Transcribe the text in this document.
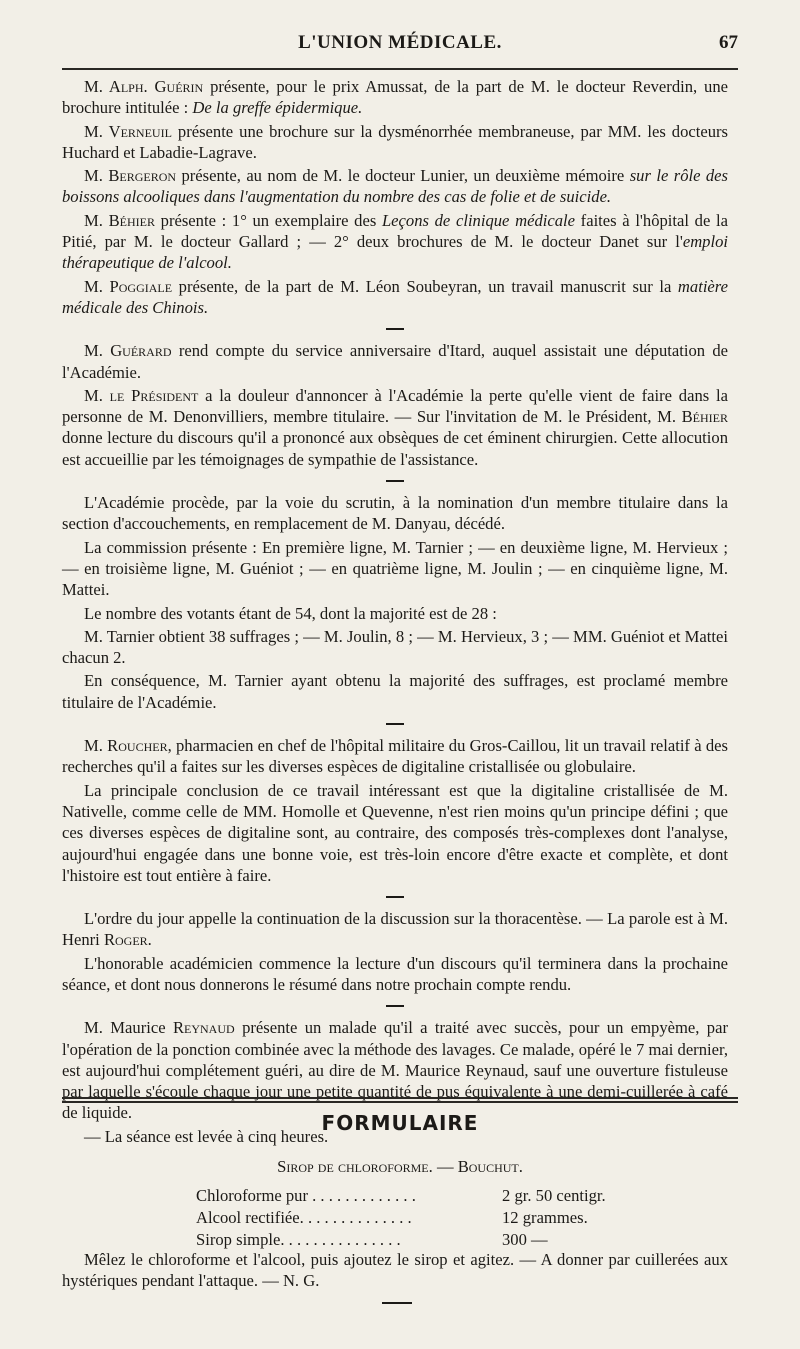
L'UNION MÉDICALE.	67

M. Alph. Guérin présente, pour le prix Amussat, de la part de M. le docteur Reverdin, une brochure intitulée : De la greffe épidermique.

M. Verneuil présente une brochure sur la dysménorrhée membraneuse, par MM. les docteurs Huchard et Labadie-Lagrave.

M. Bergeron présente, au nom de M. le docteur Lunier, un deuxième mémoire sur le rôle des boissons alcooliques dans l'augmentation du nombre des cas de folie et de suicide.

M. Béhier présente : 1° un exemplaire des Leçons de clinique médicale faites à l'hôpital de la Pitié, par M. le docteur Gallard ; — 2° deux brochures de M. le docteur Danet sur l'emploi thérapeutique de l'alcool.

M. Poggiale présente, de la part de M. Léon Soubeyran, un travail manuscrit sur la matière médicale des Chinois.

M. Guérard rend compte du service anniversaire d'Itard, auquel assistait une députation de l'Académie.

M. le Président a la douleur d'annoncer à l'Académie la perte qu'elle vient de faire dans la personne de M. Denonvilliers, membre titulaire. — Sur l'invitation de M. le Président, M. Béhier donne lecture du discours qu'il a prononcé aux obsèques de cet éminent chirurgien. Cette allocution est accueillie par les témoignages de sympathie de l'assistance.

L'Académie procède, par la voie du scrutin, à la nomination d'un membre titulaire dans la section d'accouchements, en remplacement de M. Danyau, décédé.

La commission présente : En première ligne, M. Tarnier ; — en deuxième ligne, M. Hervieux ; — en troisième ligne, M. Guéniot ; — en quatrième ligne, M. Joulin ; — en cinquième ligne, M. Mattei.

Le nombre des votants étant de 54, dont la majorité est de 28 :

M. Tarnier obtient 38 suffrages ; — M. Joulin, 8 ; — M. Hervieux, 3 ; — MM. Guéniot et Mattei chacun 2.

En conséquence, M. Tarnier ayant obtenu la majorité des suffrages, est proclamé membre titulaire de l'Académie.

M. Roucher, pharmacien en chef de l'hôpital militaire du Gros-Caillou, lit un travail relatif à des recherches qu'il a faites sur les diverses espèces de digitaline cristallisée ou globulaire.

La principale conclusion de ce travail intéressant est que la digitaline cristallisée de M. Nativelle, comme celle de MM. Homolle et Quevenne, n'est rien moins qu'un principe défini ; que ces diverses espèces de digitaline sont, au contraire, des composés très-complexes dont l'analyse, aujourd'hui engagée dans une bonne voie, est très-loin encore d'être exacte et complète, et dont l'histoire est tout entière à faire.

L'ordre du jour appelle la continuation de la discussion sur la thoracentèse. — La parole est à M. Henri Roger.

L'honorable académicien commence la lecture d'un discours qu'il terminera dans la prochaine séance, et dont nous donnerons le résumé dans notre prochain compte rendu.

M. Maurice Reynaud présente un malade qu'il a traité avec succès, pour un empyème, par l'opération de la ponction combinée avec la méthode des lavages. Ce malade, opéré le 7 mai dernier, est aujourd'hui complétement guéri, au dire de M. Maurice Reynaud, sauf une ouverture fistuleuse par laquelle s'écoule chaque jour une petite quantité de pus équivalente à une demi-cuillerée à café de liquide.

— La séance est levée à cinq heures.

FORMULAIRE
Sirop de chloroforme. — Bouchut.
Chloroforme pur . . . . . . . . . . . . .	2 gr. 50 centigr.
Alcool rectifiée. . . . . . . . . . . . . .	12 grammes.
Sirop simple. . . . . . . . . . . . . . .	300 —

Mêlez le chloroforme et l'alcool, puis ajoutez le sirop et agitez. — A donner par cuillerées aux hystériques pendant l'attaque. — N. G.
